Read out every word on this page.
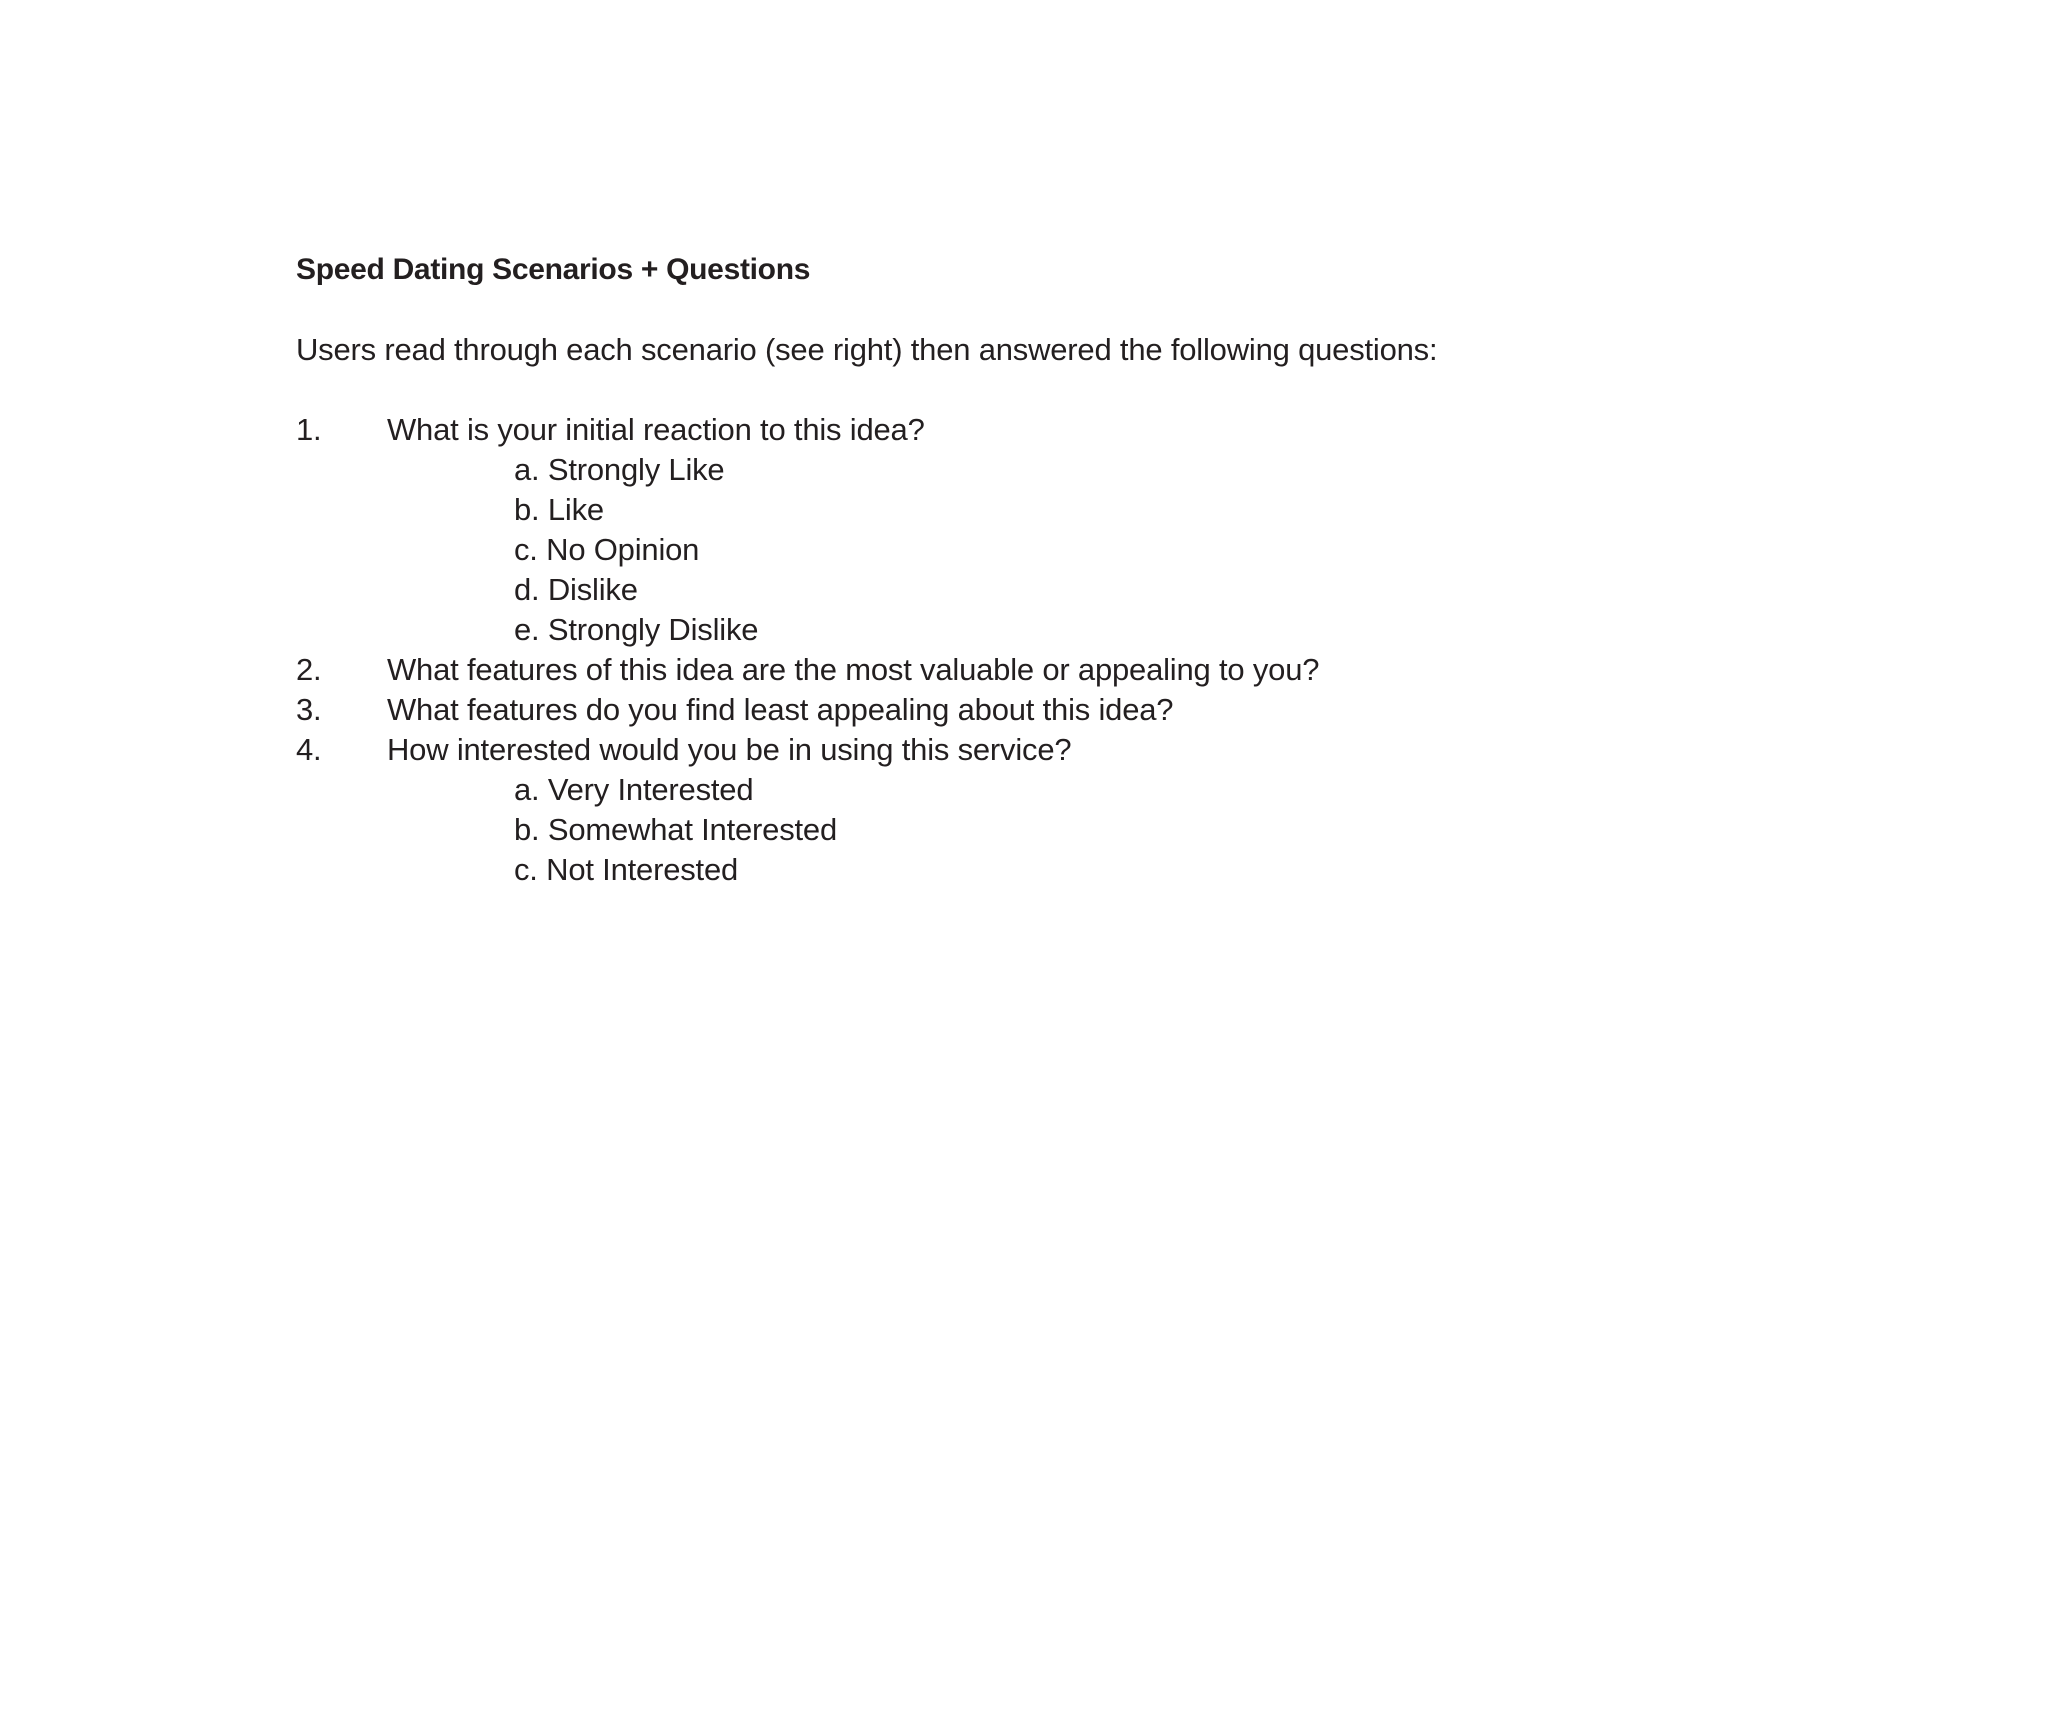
Speed Dating Scenarios + Questions
Users read through each scenario (see right) then answered the following questions:
1.	What is your initial reaction to this idea?
a. Strongly Like
b. Like
c. No Opinion
d. Dislike
e. Strongly Dislike
2.	What features of this idea are the most valuable or appealing to you?
3.	What features do you find least appealing about this idea?
4.	How interested would you be in using this service?
a. Very Interested
b. Somewhat Interested
c. Not Interested
